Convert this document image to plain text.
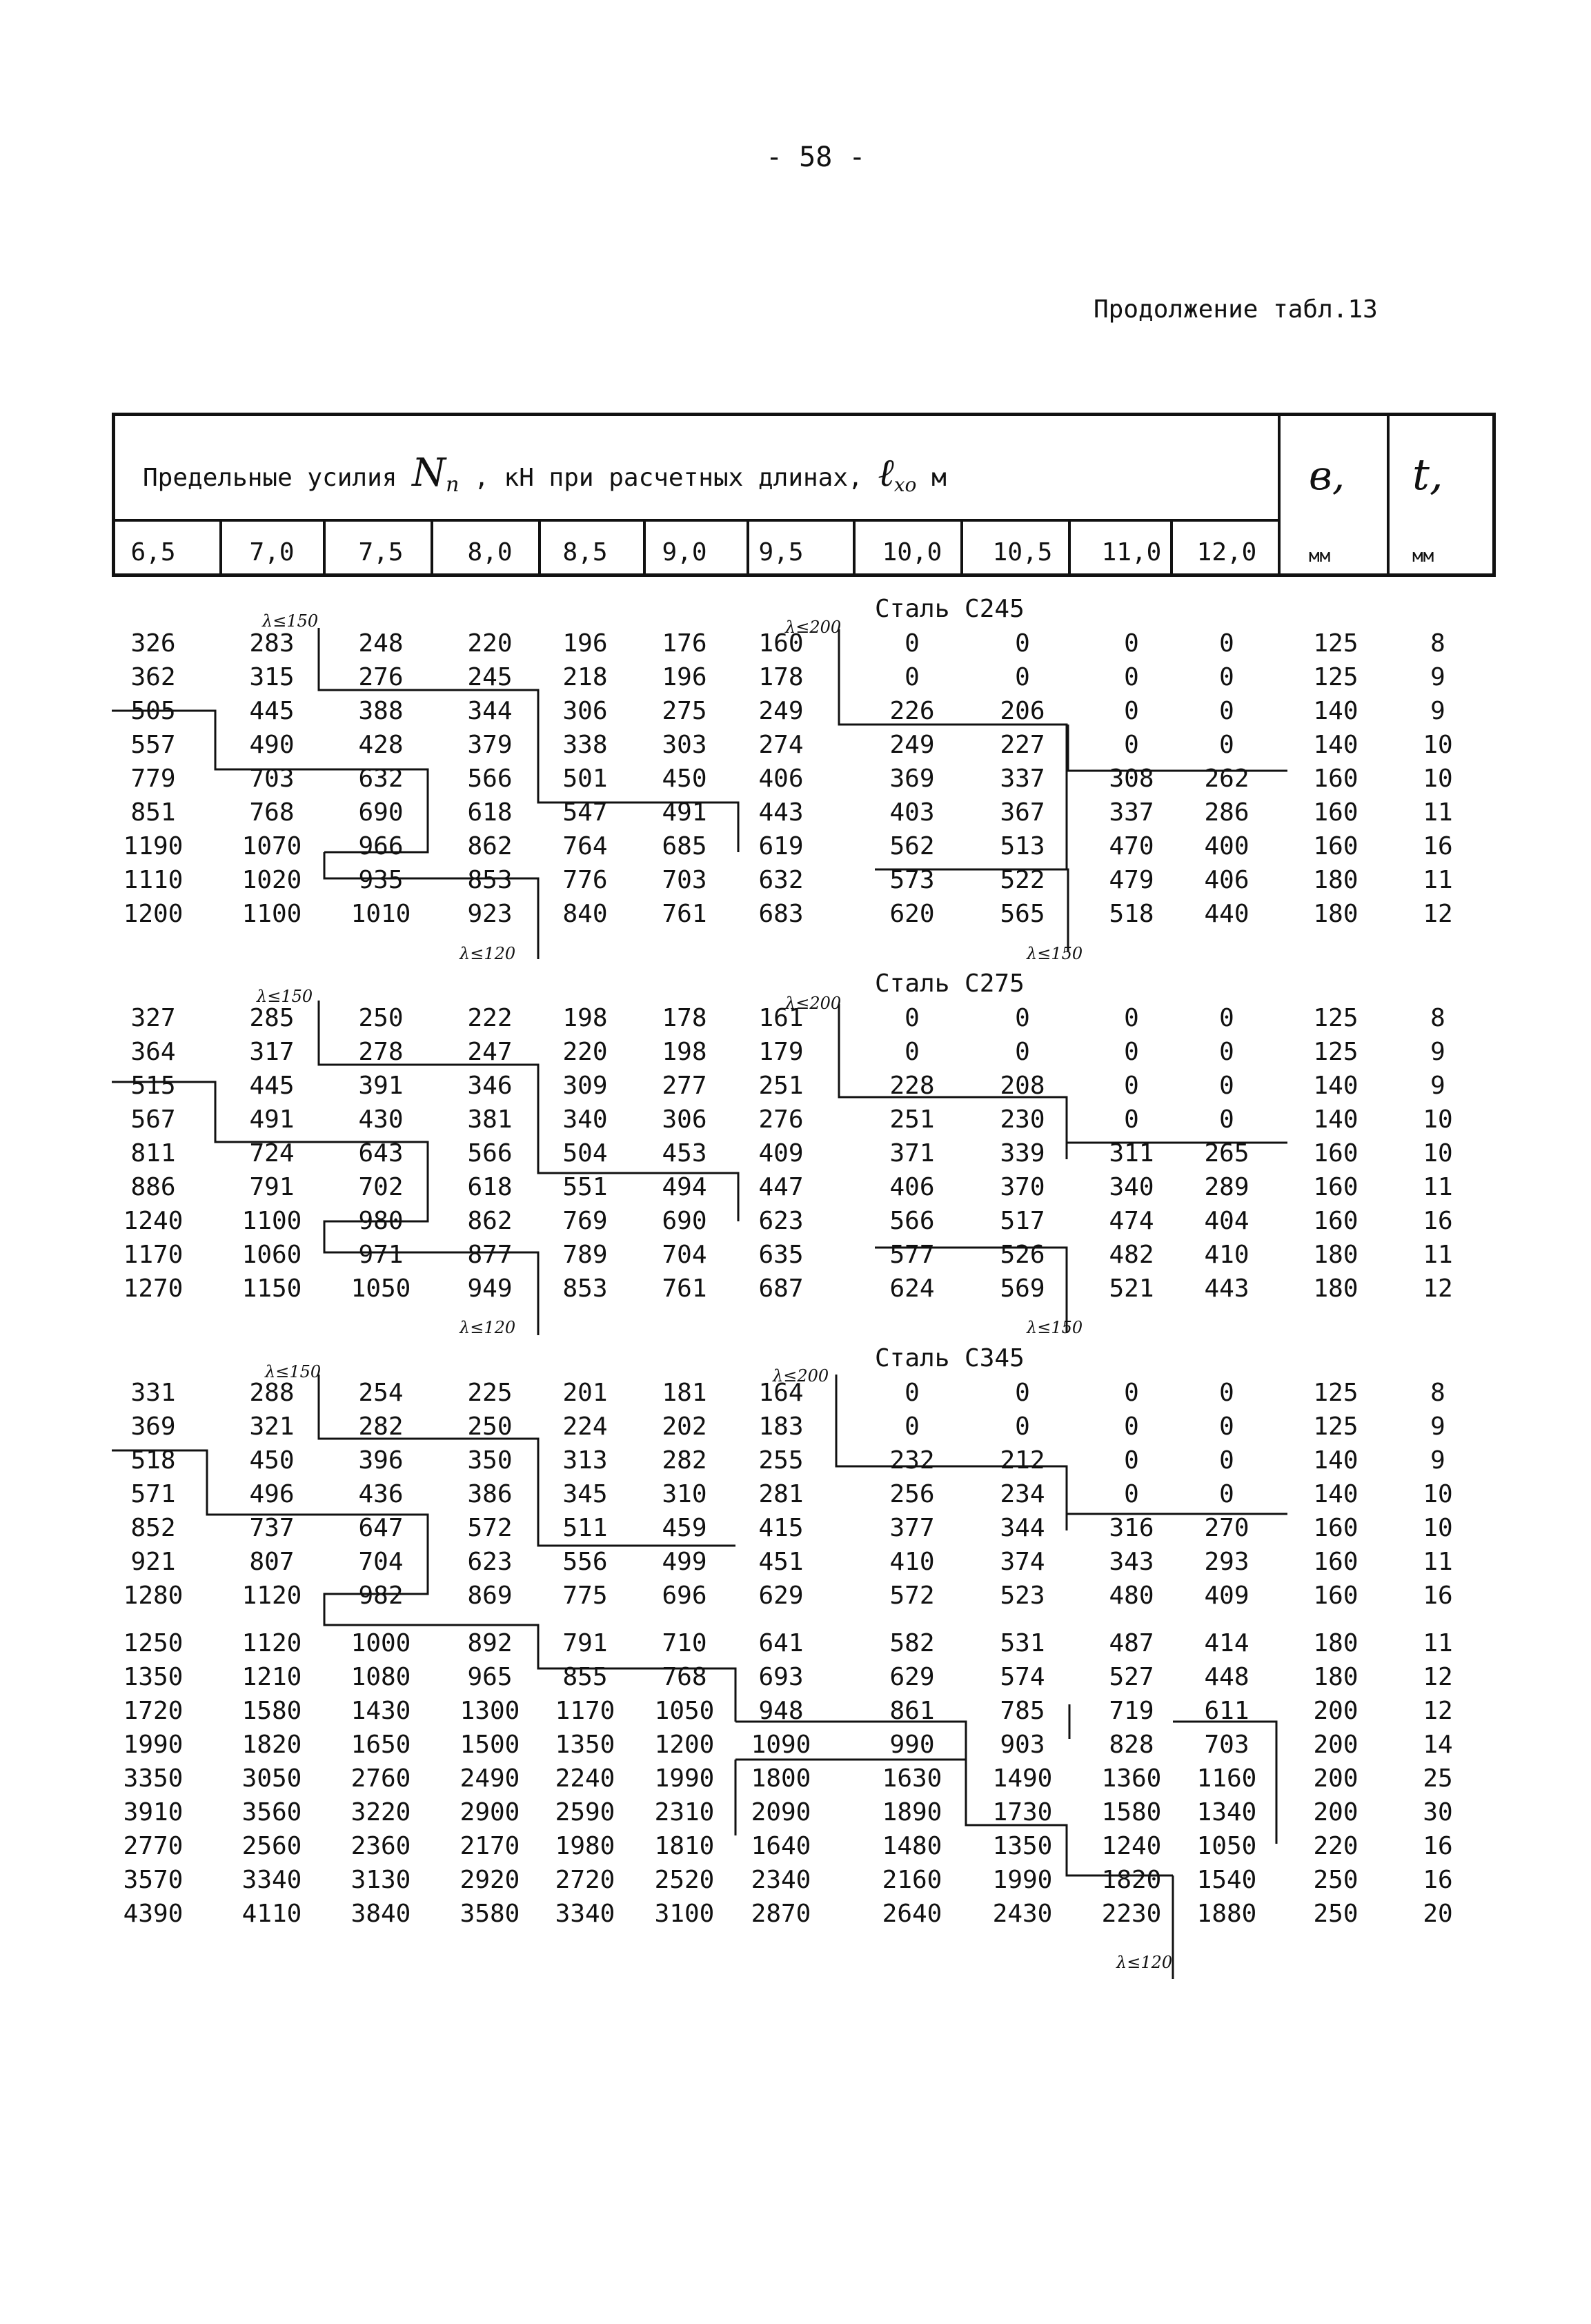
- 58 -
Продолжение табл.13
Предельные усилия $N_п$ , кН при расчетных длинах, ℓ$_{xo}$ м	в, t,
мм	мм
6,5	7,0	7,5	8,0	8,5	9,0	9,5	10,0	10,5	11,0	12,0
Сталь С245
326	283	248	220	196	176	160	0	0	0	0	125	8
362	315	276	245	218	196	178	0	0	0	0	125	9
505	445	388	344	306	275	249	226	206	0	0	140	9
557	490	428	379	338	303	274	249	227	0	0	140	10
779	703	632	566	501	450	406	369	337	308	262	160	10
851	768	690	618	547	491	443	403	367	337	286	160	11
1190	1070	966	862	764	685	619	562	513	470	400	160	16
1110	1020	935	853	776	703	632	573	522	479	406	180	11
1200	1100	1010	923	840	761	683	620	565	518	440	180	12
Сталь С275
327	285	250	222	198	178	161	0	0	0	0	125	8
364	317	278	247	220	198	179	0	0	0	0	125	9
515	445	391	346	309	277	251	228	208	0	0	140	9
567	491	430	381	340	306	276	251	230	0	0	140	10
811	724	643	566	504	453	409	371	339	311	265	160	10
886	791	702	618	551	494	447	406	370	340	289	160	11
1240	1100	980	862	769	690	623	566	517	474	404	160	16
1170	1060	971	877	789	704	635	577	526	482	410	180	11
1270	1150	1050	949	853	761	687	624	569	521	443	180	12
Сталь С345
331	288	254	225	201	181	164	0	0	0	0	125	8
369	321	282	250	224	202	183	0	0	0	0	125	9
518	450	396	350	313	282	255	232	212	0	0	140	9
571	496	436	386	345	310	281	256	234	0	0	140	10
852	737	647	572	511	459	415	377	344	316	270	160	10
921	807	704	623	556	499	451	410	374	343	293	160	11
1280	1120	982	869	775	696	629	572	523	480	409	160	16
1250	1120	1000	892	791	710	641	582	531	487	414	180	11
1350	1210	1080	965	855	768	693	629	574	527	448	180	12
1720	1580	1430	1300	1170	1050	948	861	785	719	611	200	12
1990	1820	1650	1500	1350	1200	1090	990	903	828	703	200	14
3350	3050	2760	2490	2240	1990	1800	1630	1490	1360	1160	200	25
3910	3560	3220	2900	2590	2310	2090	1890	1730	1580	1340	200	30
2770	2560	2360	2170	1980	1810	1640	1480	1350	1240	1050	220	16
3570	3340	3130	2920	2720	2520	2340	2160	1990	1820	1540	250	16
4390	4110	3840	3580	3340	3100	2870	2640	2430	2230	1880	250	20
λ≤150	λ≤200
λ≤120	λ≤150
λ≤150	λ≤200
λ≤120	λ≤150
λ≤150	λ≤200
λ≤120
